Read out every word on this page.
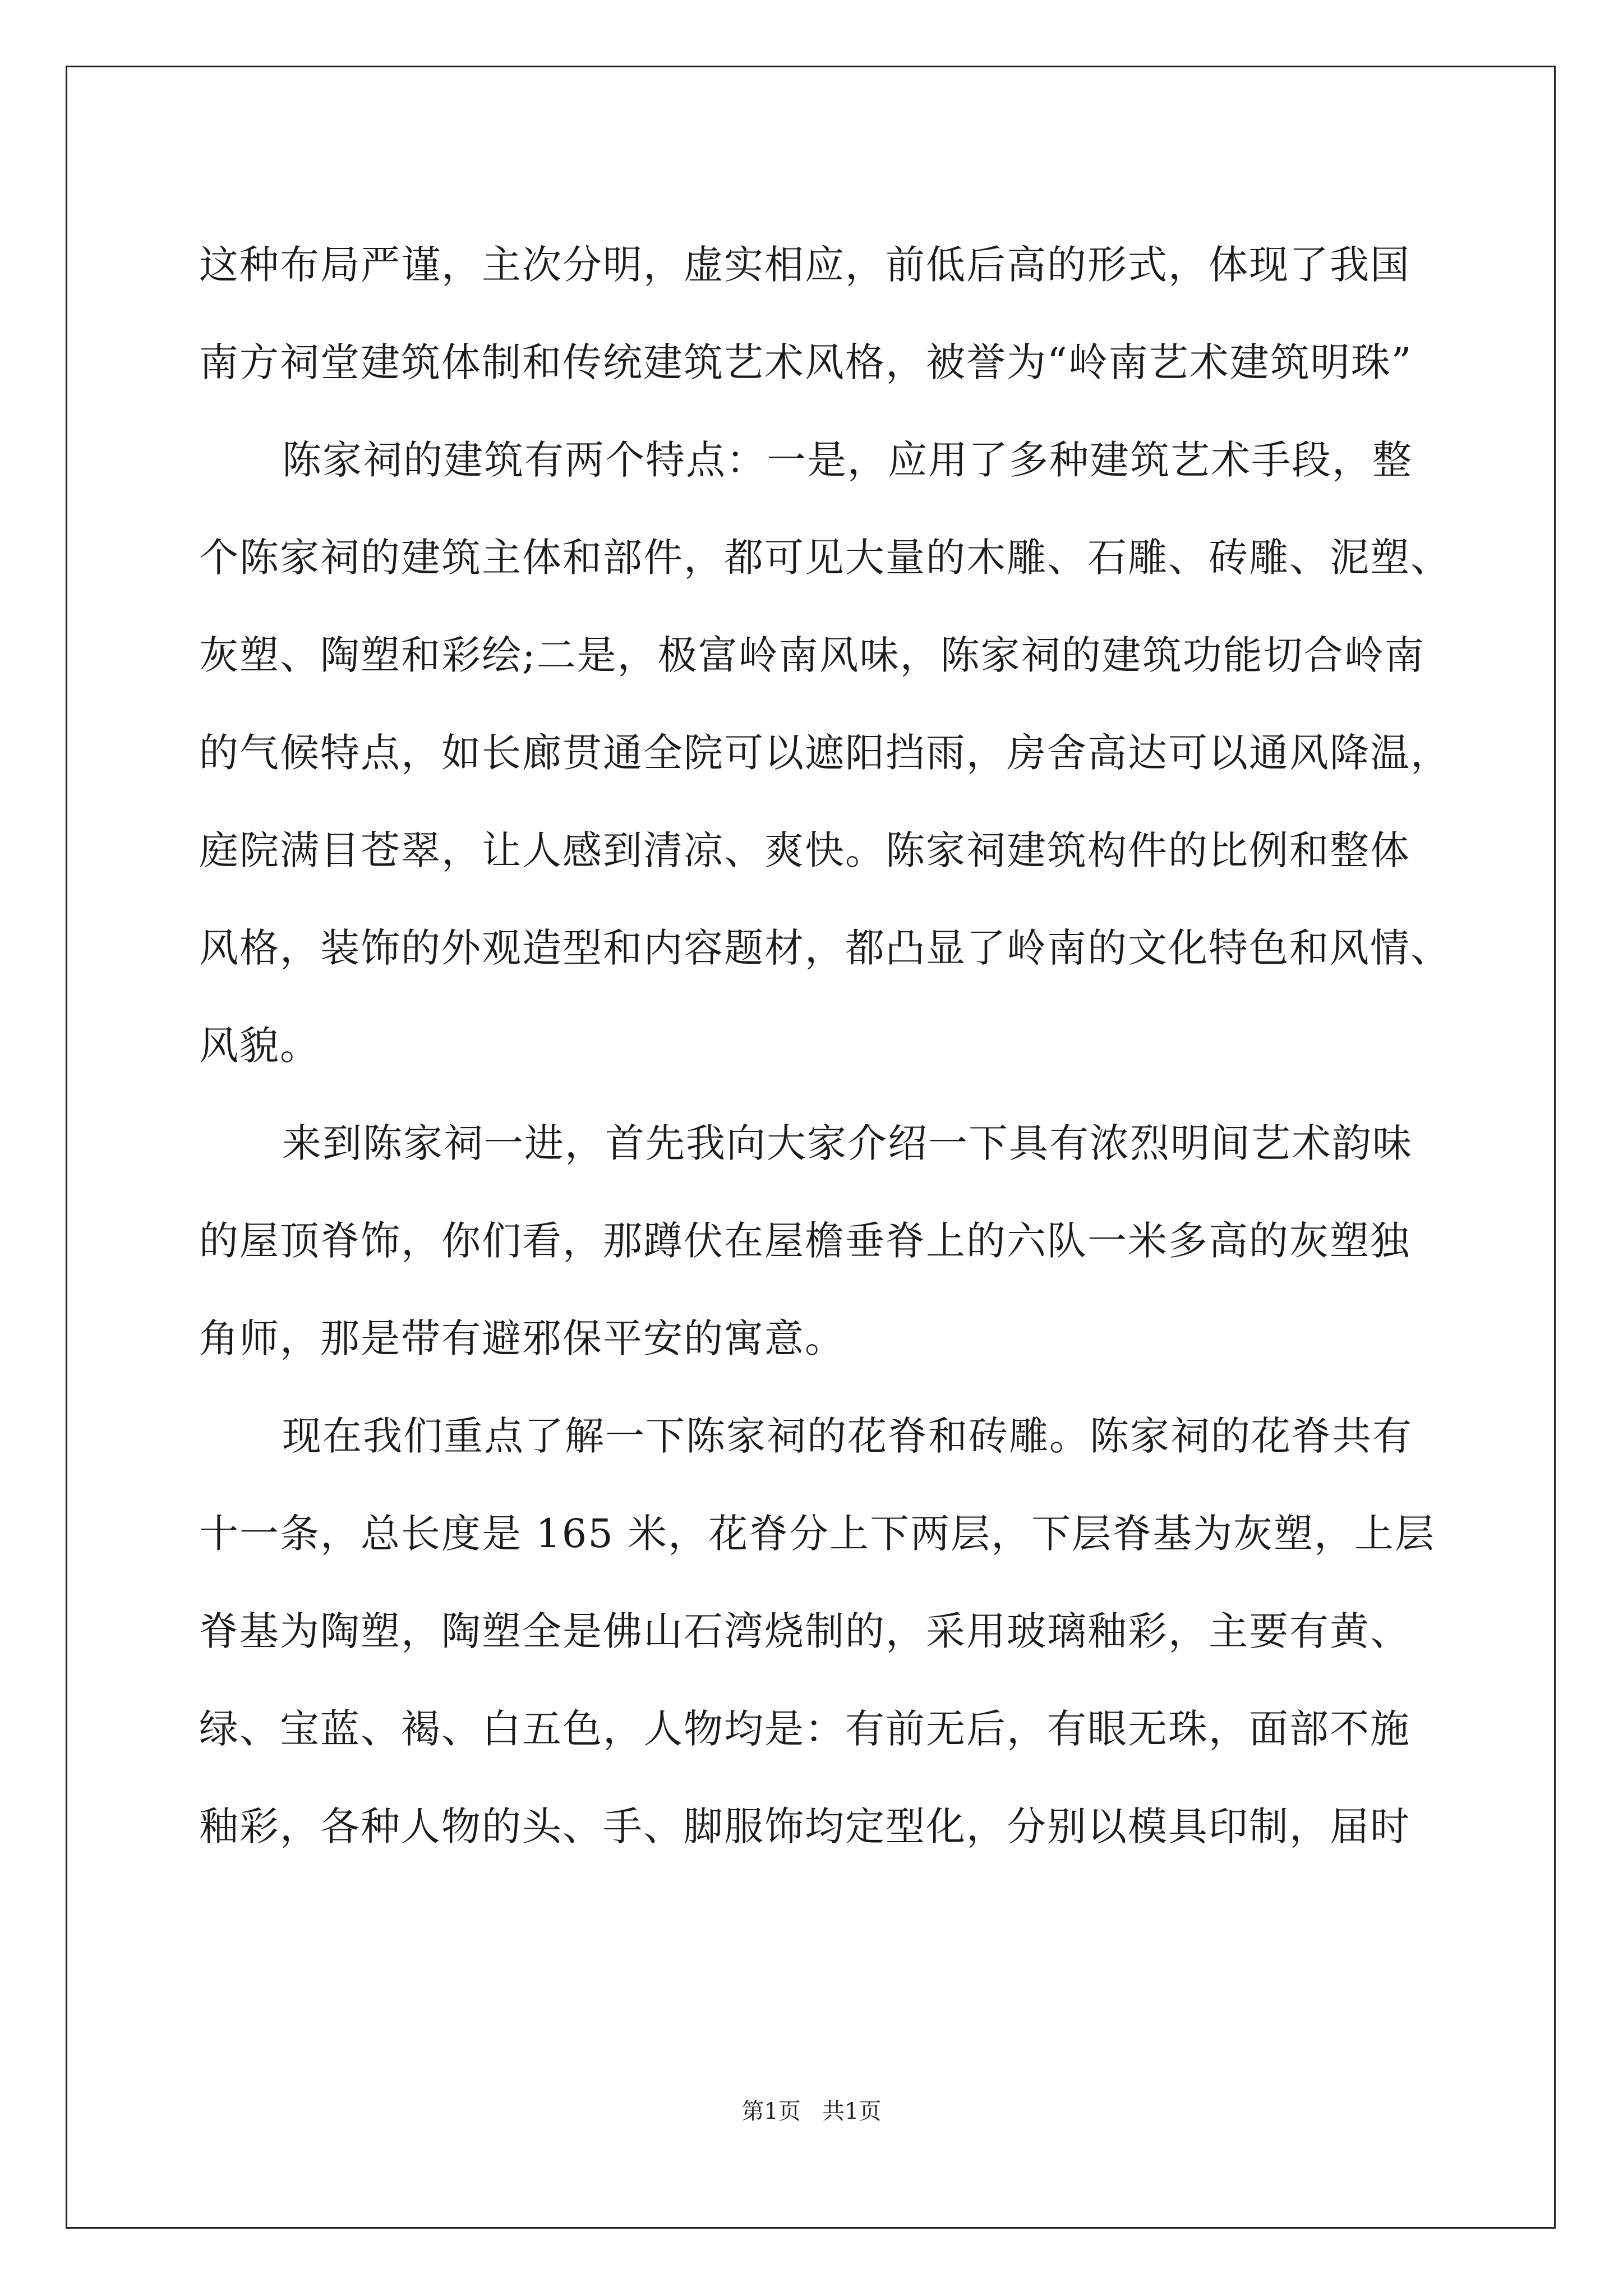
这种布局严谨，主次分明，虚实相应，前低后高的形式，体现了我国
南方祠堂建筑体制和传统建筑艺术风格，被誉为“岭南艺术建筑明珠”
陈家祠的建筑有两个特点：一是，应用了多种建筑艺术手段，整
个陈家祠的建筑主体和部件，都可见大量的木雕、石雕、砖雕、泥塑、
灰塑、陶塑和彩绘;二是，极富岭南风味，陈家祠的建筑功能切合岭南
的气候特点，如长廊贯通全院可以遮阳挡雨，房舍高达可以通风降温，
庭院满目苍翠，让人感到清凉、爽快。陈家祠建筑构件的比例和整体
风格，装饰的外观造型和内容题材，都凸显了岭南的文化特色和风情、
风貌。
来到陈家祠一进，首先我向大家介绍一下具有浓烈明间艺术韵味
的屋顶脊饰，你们看，那蹲伏在屋檐垂脊上的六队一米多高的灰塑独
角师，那是带有避邪保平安的寓意。
现在我们重点了解一下陈家祠的花脊和砖雕。陈家祠的花脊共有
十一条，总长度是 165 米，花脊分上下两层，下层脊基为灰塑，上层
脊基为陶塑，陶塑全是佛山石湾烧制的，采用玻璃釉彩，主要有黄、
绿、宝蓝、褐、白五色，人物均是：有前无后，有眼无珠，面部不施
釉彩，各种人物的头、手、脚服饰均定型化，分别以模具印制，届时
第1页   共1页
